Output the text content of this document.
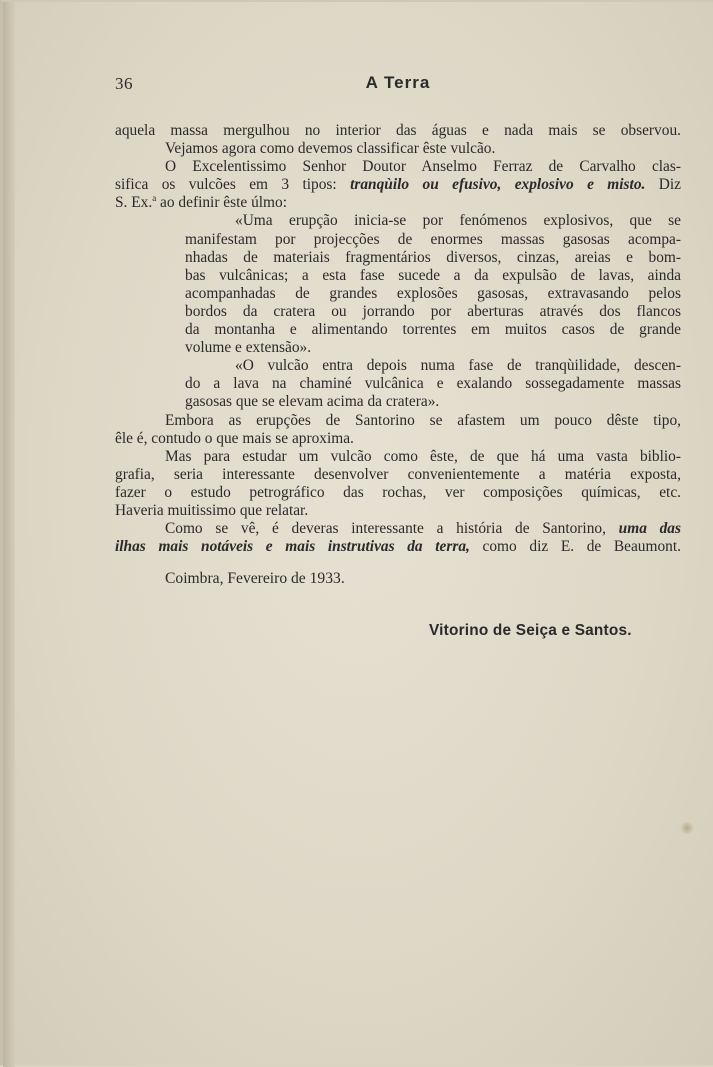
36	A Terra
aquela massa mergulhou no interior das águas e nada mais se observou.
Vejamos agora como devemos classificar êste vulcão.
O Excelentissimo Senhor Doutor Anselmo Ferraz de Carvalho clas-
sifica os vulcões em 3 tipos: tranqùilo ou efusivo, explosivo e misto. Diz
S. Ex.$^a$ ao definir êste úlmo:
«Uma erupção inicia-se por fenómenos explosivos, que se
manifestam por projecções de enormes massas gasosas acompa-
nhadas de materiais fragmentários diversos, cinzas, areias e bom-
bas vulcânicas; a esta fase sucede a da expulsão de lavas, ainda
acompanhadas de grandes explosões gasosas, extravasando pelos
bordos da cratera ou jorrando por aberturas através dos flancos
da montanha e alimentando torrentes em muitos casos de grande
volume e extensão».
«O vulcão entra depois numa fase de tranqùilidade, descen-
do a lava na chaminé vulcânica e exalando sossegadamente massas
gasosas que se elevam acima da cratera».
Embora as erupções de Santorino se afastem um pouco dêste tipo,
êle é, contudo o que mais se aproxima.
Mas para estudar um vulcão como êste, de que há uma vasta biblio-
grafia, seria interessante desenvolver convenientemente a matéria exposta,
fazer o estudo petrográfico das rochas, ver composições químicas, etc.
Haveria muitissimo que relatar.
Como se vê, é deveras interessante a história de Santorino, uma das
ilhas mais notáveis e mais instrutivas da terra, como diz E. de Beaumont.
Coimbra, Fevereiro de 1933.
Vitorino de Seiça e Santos.
